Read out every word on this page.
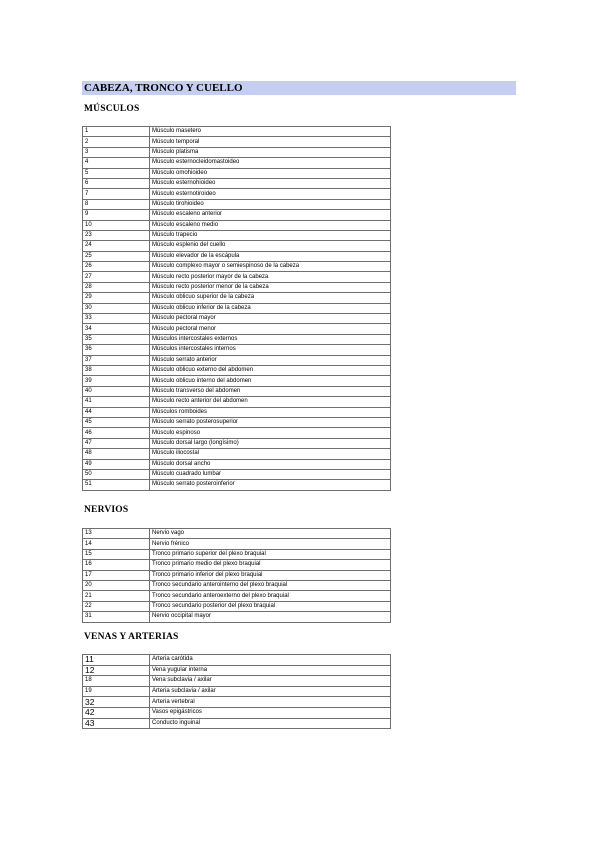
CABEZA, TRONCO Y CUELLO
MÚSCULOS
1	Músculo masetero
2	Músculo temporal
3	Músculo platisma
4	Músculo esternocleidomastoideo
5	Músculo omohioideo
6	Músculo esternohioideo
7	Músculo esternotiroideo
8	Músculo tirohioideo
9	Músculo escaleno anterior
10	Músculo escaleno medio
23	Músculo trapecio
24	Músculo esplenio del cuello
25	Músculo elevador de la escápula
26	Músculo complexo mayor o semiespinoso de la cabeza
27	Músculo recto posterior mayor de la cabeza
28	Músculo recto posterior menor de la cabeza
29	Músculo oblicuo superior de la cabeza
30	Músculo oblicuo inferior de la cabeza
33	Músculo pectoral mayor
34	Músculo pectoral menor
35	Músculos intercostales externos
36	Músculos intercostales internos
37	Músculo serrato anterior
38	Músculo oblicuo externo del abdomen
39	Músculo oblicuo interno del abdomen
40	Músculo transverso del abdomen
41	Músculo recto anterior del abdomen
44	Músculos romboides
45	Músculo serrato posterosuperior
46	Músculo espinoso
47	Músculo dorsal largo (longísimo)
48	Músculo iliocostal
49	Músculo dorsal ancho
50	Músculo cuadrado lumbar
51	Músculo serrato posteroinferior
NERVIOS
13	Nervio vago
14	Nervio frénico
15	Tronco primario superior del plexo braquial
16	Tronco primario medio del plexo braquial
17	Tronco primario inferior del plexo braquial
20	Tronco secundario anterointerno del plexo braquial
21	Tronco secundario anteroexterno del plexo braquial
22	Tronco secundario posterior del plexo braquial
31	Nervio occipital mayor
VENAS Y ARTERIAS
11	Arteria carótida
12	Vena yugular interna
18	Vena subclavia / axilar
19	Arteria subclavia / axilar
32	Arteria vertebral
42	Vasos epigástricos
43	Conducto inguinal
